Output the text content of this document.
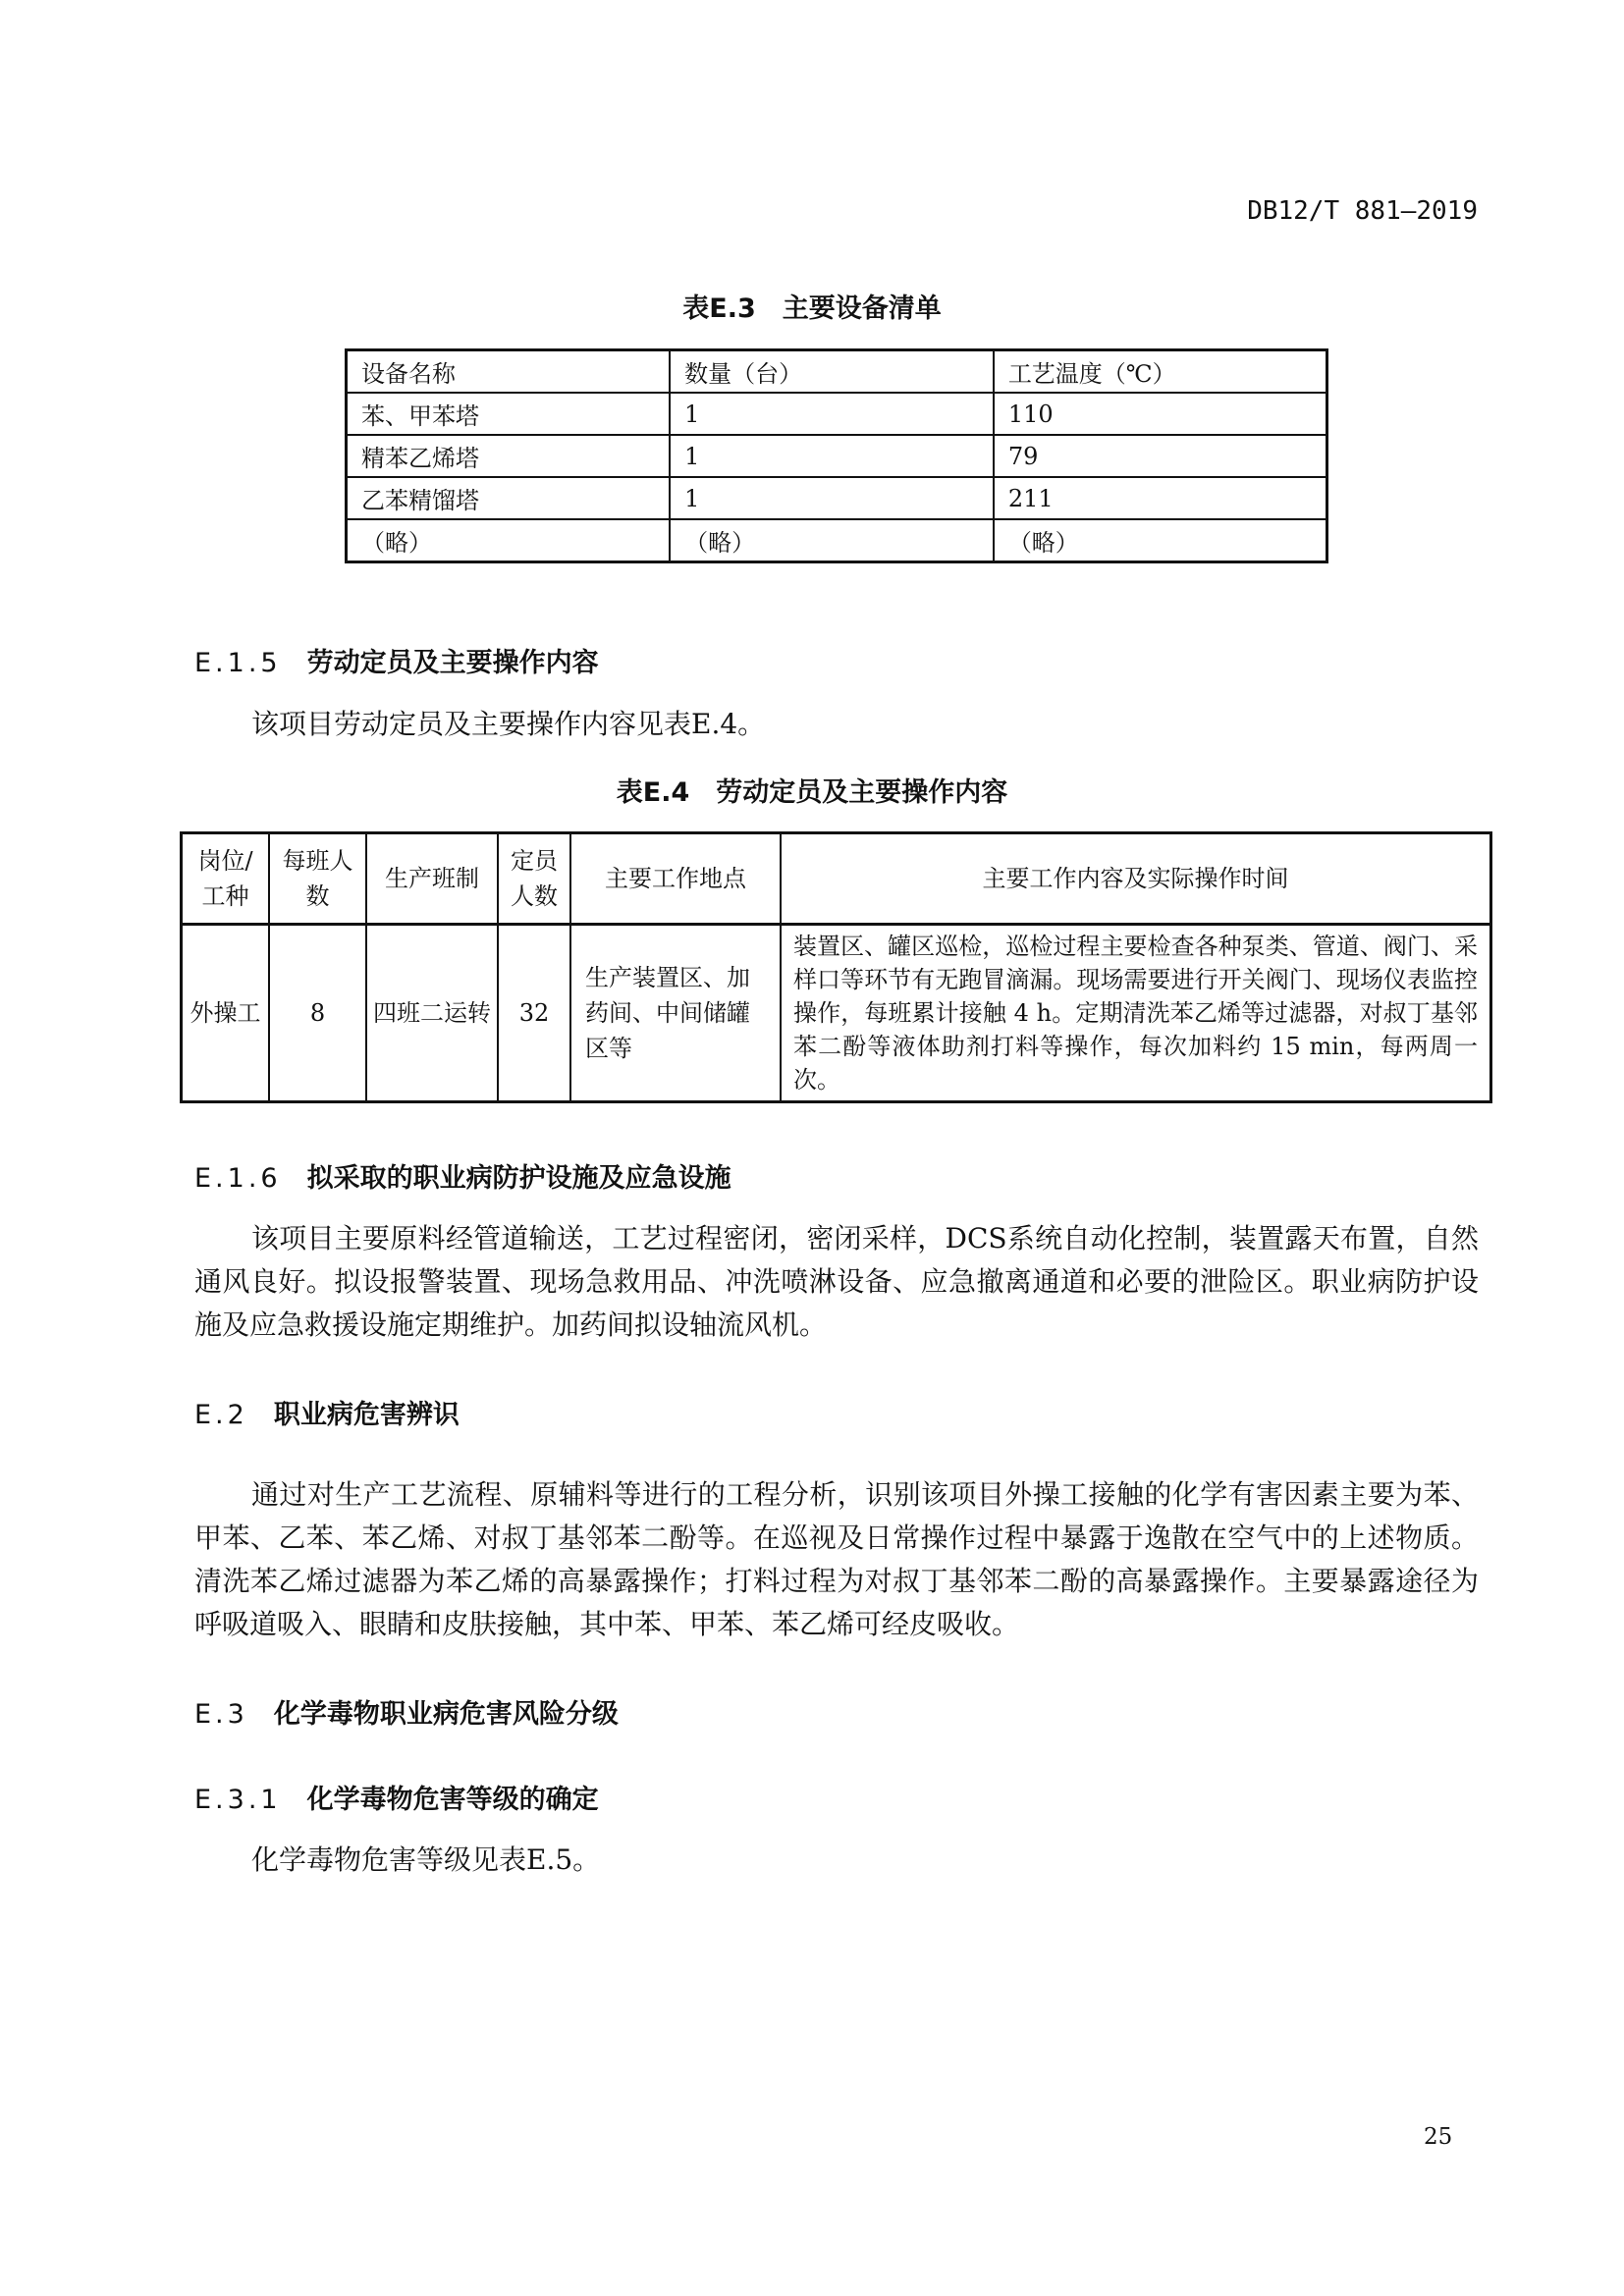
DB12/T 881—2019
表E.3　主要设备清单
设备名称	数量（台）	工艺温度（℃）
苯、甲苯塔	1	110
精苯乙烯塔	1	79
乙苯精馏塔	1	211
（略）	（略）	（略）
E.1.5 劳动定员及主要操作内容
该项目劳动定员及主要操作内容见表E.4。
表E.4　劳动定员及主要操作内容
岗位/工种	每班人数	生产班制	定员人数	主要工作地点	主要工作内容及实际操作时间
外操工	8	四班二运转	32	生产装置区、加药间、中间储罐区等	装置区、罐区巡检，巡检过程主要检查各种泵类、管道、阀门、采样口等环节有无跑冒滴漏。现场需要进行开关阀门、现场仪表监控操作，每班累计接触 4 h。定期清洗苯乙烯等过滤器，对叔丁基邻苯二酚等液体助剂打料等操作，每次加料约 15 min，每两周一次。
E.1.6 拟采取的职业病防护设施及应急设施
该项目主要原料经管道输送，工艺过程密闭，密闭采样，DCS系统自动化控制，装置露天布置，自然通风良好。拟设报警装置、现场急救用品、冲洗喷淋设备、应急撤离通道和必要的泄险区。职业病防护设施及应急救援设施定期维护。加药间拟设轴流风机。
E.2 职业病危害辨识
通过对生产工艺流程、原辅料等进行的工程分析，识别该项目外操工接触的化学有害因素主要为苯、甲苯、乙苯、苯乙烯、对叔丁基邻苯二酚等。在巡视及日常操作过程中暴露于逸散在空气中的上述物质。清洗苯乙烯过滤器为苯乙烯的高暴露操作；打料过程为对叔丁基邻苯二酚的高暴露操作。主要暴露途径为呼吸道吸入、眼睛和皮肤接触，其中苯、甲苯、苯乙烯可经皮吸收。
E.3 化学毒物职业病危害风险分级
E.3.1 化学毒物危害等级的确定
化学毒物危害等级见表E.5。
25
